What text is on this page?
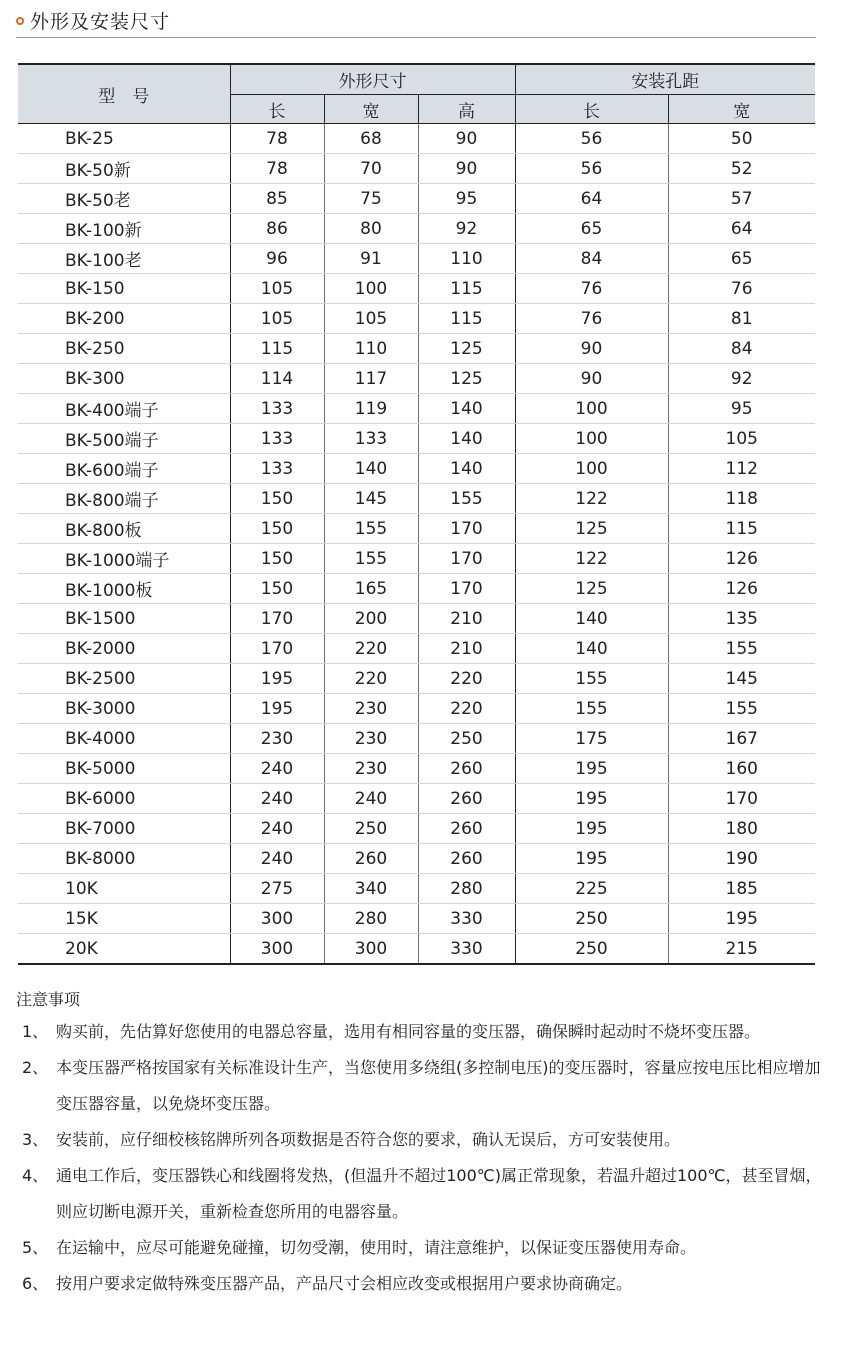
外形及安装尺寸
型　号	外形尺寸			安装孔距	
	长	宽	高	长	宽
BK-25	78	68	90	56	50
BK-50新	78	70	90	56	52
BK-50老	85	75	95	64	57
BK-100新	86	80	92	65	64
BK-100老	96	91	110	84	65
BK-150	105	100	115	76	76
BK-200	105	105	115	76	81
BK-250	115	110	125	90	84
BK-300	114	117	125	90	92
BK-400端子	133	119	140	100	95
BK-500端子	133	133	140	100	105
BK-600端子	133	140	140	100	112
BK-800端子	150	145	155	122	118
BK-800板	150	155	170	125	115
BK-1000端子	150	155	170	122	126
BK-1000板	150	165	170	125	126
BK-1500	170	200	210	140	135
BK-2000	170	220	210	140	155
BK-2500	195	220	220	155	145
BK-3000	195	230	220	155	155
BK-4000	230	230	250	175	167
BK-5000	240	230	260	195	160
BK-6000	240	240	260	195	170
BK-7000	240	250	260	195	180
BK-8000	240	260	260	195	190
10K	275	340	280	225	185
15K	300	280	330	250	195
20K	300	300	330	250	215
注意事项
1、 购买前，先估算好您使用的电器总容量，选用有相同容量的变压器，确保瞬时起动时不烧坏变压器。
2、 本变压器严格按国家有关标准设计生产，当您使用多绕组(多控制电压)的变压器时，容量应按电压比相应增加变压器容量，以免烧坏变压器。
3、 安装前，应仔细校核铭牌所列各项数据是否符合您的要求，确认无误后，方可安装使用。
4、 通电工作后，变压器铁心和线圈将发热，(但温升不超过100℃)属正常现象，若温升超过100℃，甚至冒烟，则应切断电源开关，重新检查您所用的电器容量。
5、 在运输中，应尽可能避免碰撞，切勿受潮，使用时，请注意维护，以保证变压器使用寿命。
6、 按用户要求定做特殊变压器产品，产品尺寸会相应改变或根据用户要求协商确定。
